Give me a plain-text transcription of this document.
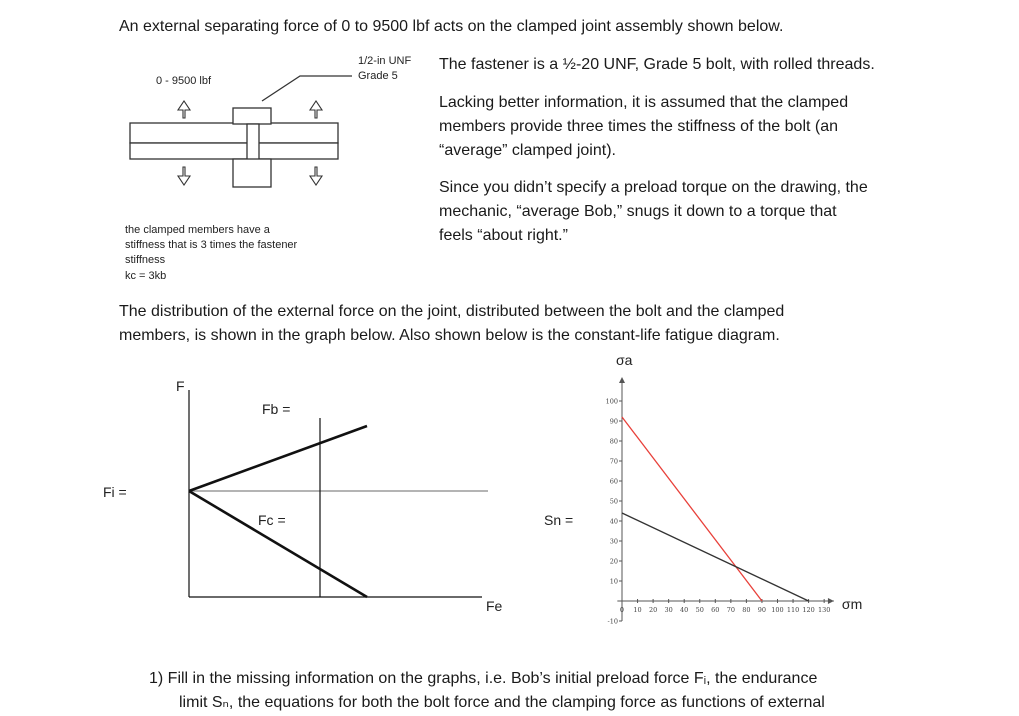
An external separating force of 0 to 9500 lbf acts on the clamped joint assembly shown below.
0 - 9500 lbf
1/2-in UNF
Grade 5
the clamped members have a
stiffness that is 3 times the fastener
stiffness
kc = 3kb
The fastener is a ½-20 UNF, Grade 5 bolt, with rolled threads.
Lacking better information, it is assumed that the clamped
members provide three times the stiffness of the bolt (an
“average” clamped joint).
Since you didn’t specify a preload torque on the drawing, the
mechanic, “average Bob,” snugs it down to a torque that
feels “about right.”
The distribution of the external force on the joint, distributed between the bolt and the clamped
members, is shown in the graph below. Also shown below is the constant-life fatigue diagram.
1) Fill in the missing information on the graphs, i.e. Bob’s initial preload force Fᵢ, the endurance
limit Sₙ, the equations for both the bolt force and the clamping force as functions of external
F
Fb =
Fc =
Fi =
Fe
-10
10
20
30
40
50
60
70
80
90
100
10 20 30 40 50 60 70 80 90 100 110 120 130
0
σa
σm
Sn =
